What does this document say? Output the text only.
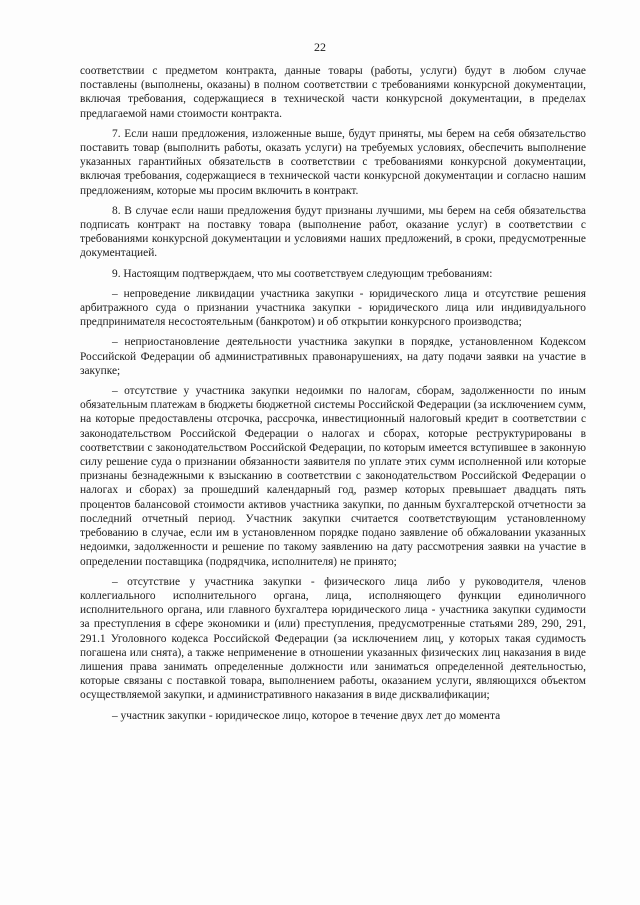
22

соответствии с предметом контракта, данные товары (работы, услуги) будут в любом случае поставлены (выполнены, оказаны) в полном соответствии с требованиями конкурсной документации, включая требования, содержащиеся в технической части конкурсной документации, в пределах предлагаемой нами стоимости контракта.

7. Если наши предложения, изложенные выше, будут приняты, мы берем на себя обязательство поставить товар (выполнить работы, оказать услуги) на требуемых условиях, обеспечить выполнение указанных гарантийных обязательств в соответствии с требованиями конкурсной документации, включая требования, содержащиеся в технической части конкурсной документации и согласно нашим предложениям, которые мы просим включить в контракт.

8. В случае если наши предложения будут признаны лучшими, мы берем на себя обязательства подписать контракт на поставку товара (выполнение работ, оказание услуг) в соответствии с требованиями конкурсной документации и условиями наших предложений, в сроки, предусмотренные документацией.

9. Настоящим подтверждаем, что мы соответствуем следующим требованиям:

– непроведение ликвидации участника закупки - юридического лица и отсутствие решения арбитражного суда о признании участника закупки - юридического лица или индивидуального предпринимателя несостоятельным (банкротом) и об открытии конкурсного производства;

– неприостановление деятельности участника закупки в порядке, установленном Кодексом Российской Федерации об административных правонарушениях, на дату подачи заявки на участие в закупке;

– отсутствие у участника закупки недоимки по налогам, сборам, задолженности по иным обязательным платежам в бюджеты бюджетной системы Российской Федерации (за исключением сумм, на которые предоставлены отсрочка, рассрочка, инвестиционный налоговый кредит в соответствии с законодательством Российской Федерации о налогах и сборах, которые реструктурированы в соответствии с законодательством Российской Федерации, по которым имеется вступившее в законную силу решение суда о признании обязанности заявителя по уплате этих сумм исполненной или которые признаны безнадежными к взысканию в соответствии с законодательством Российской Федерации о налогах и сборах) за прошедший календарный год, размер которых превышает двадцать пять процентов балансовой стоимости активов участника закупки, по данным бухгалтерской отчетности за последний отчетный период. Участник закупки считается соответствующим установленному требованию в случае, если им в установленном порядке подано заявление об обжаловании указанных недоимки, задолженности и решение по такому заявлению на дату рассмотрения заявки на участие в определении поставщика (подрядчика, исполнителя) не принято;

– отсутствие у участника закупки - физического лица либо у руководителя, членов коллегиального исполнительного органа, лица, исполняющего функции единоличного исполнительного органа, или главного бухгалтера юридического лица - участника закупки судимости за преступления в сфере экономики и (или) преступления, предусмотренные статьями 289, 290, 291, 291.1 Уголовного кодекса Российской Федерации (за исключением лиц, у которых такая судимость погашена или снята), а также неприменение в отношении указанных физических лиц наказания в виде лишения права занимать определенные должности или заниматься определенной деятельностью, которые связаны с поставкой товара, выполнением работы, оказанием услуги, являющихся объектом осуществляемой закупки, и административного наказания в виде дисквалификации;

– участник закупки - юридическое лицо, которое в течение двух лет до момента
